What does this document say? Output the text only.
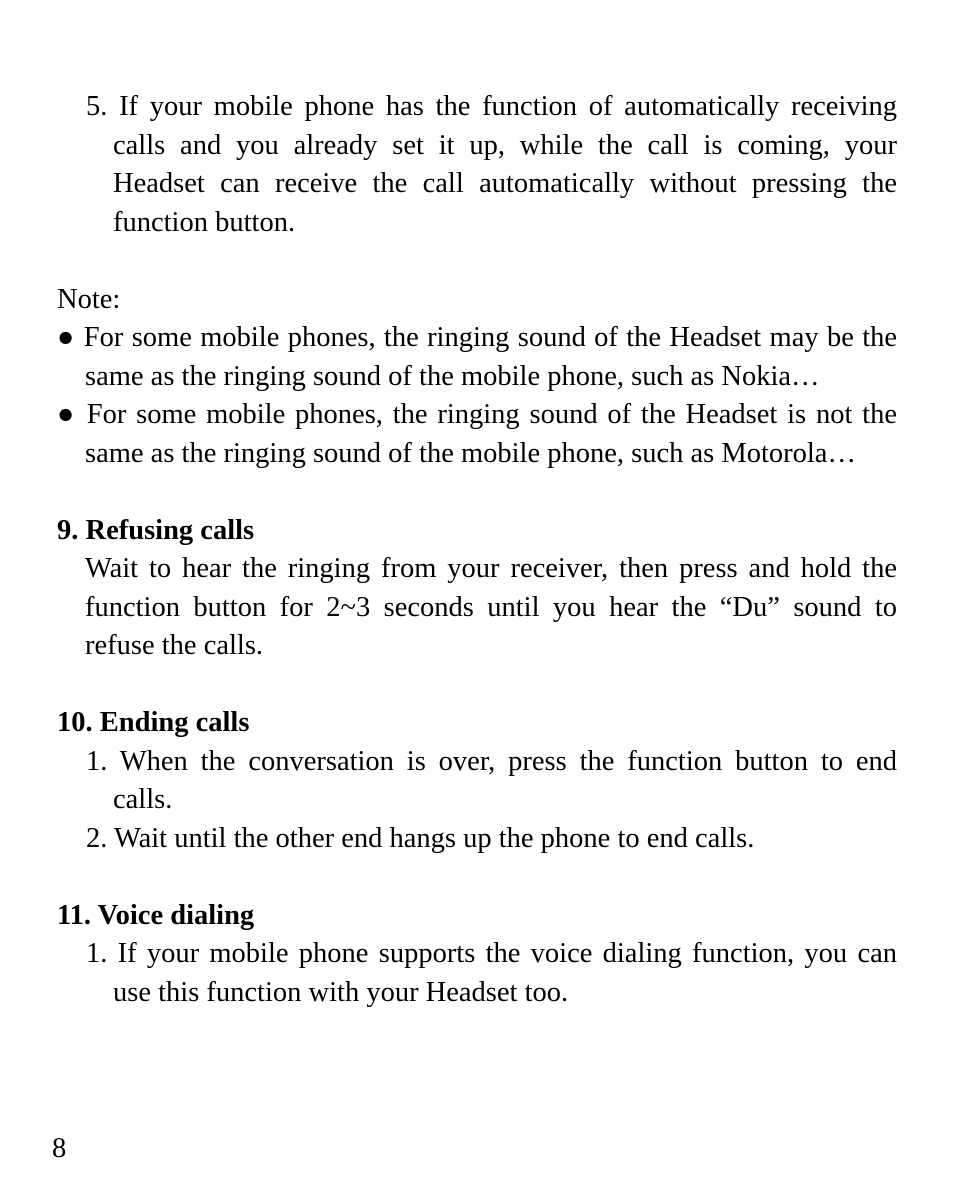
5. If your mobile phone has the function of automatically receiving calls and you already set it up, while the call is coming, your Headset can receive the call automatically without pressing the function button.

Note:

● For some mobile phones, the ringing sound of the Headset may be the same as the ringing sound of the mobile phone, such as Nokia…

● For some mobile phones, the ringing sound of the Headset is not the same as the ringing sound of the mobile phone, such as Motorola…

9. Refusing calls

Wait to hear the ringing from your receiver, then press and hold the function button for 2~3 seconds until you hear the “Du” sound to refuse the calls.

10. Ending calls

1. When the conversation is over, press the function button to end calls.

2. Wait until the other end hangs up the phone to end calls.

11. Voice dialing

1. If your mobile phone supports the voice dialing function, you can use this function with your Headset too.

8
